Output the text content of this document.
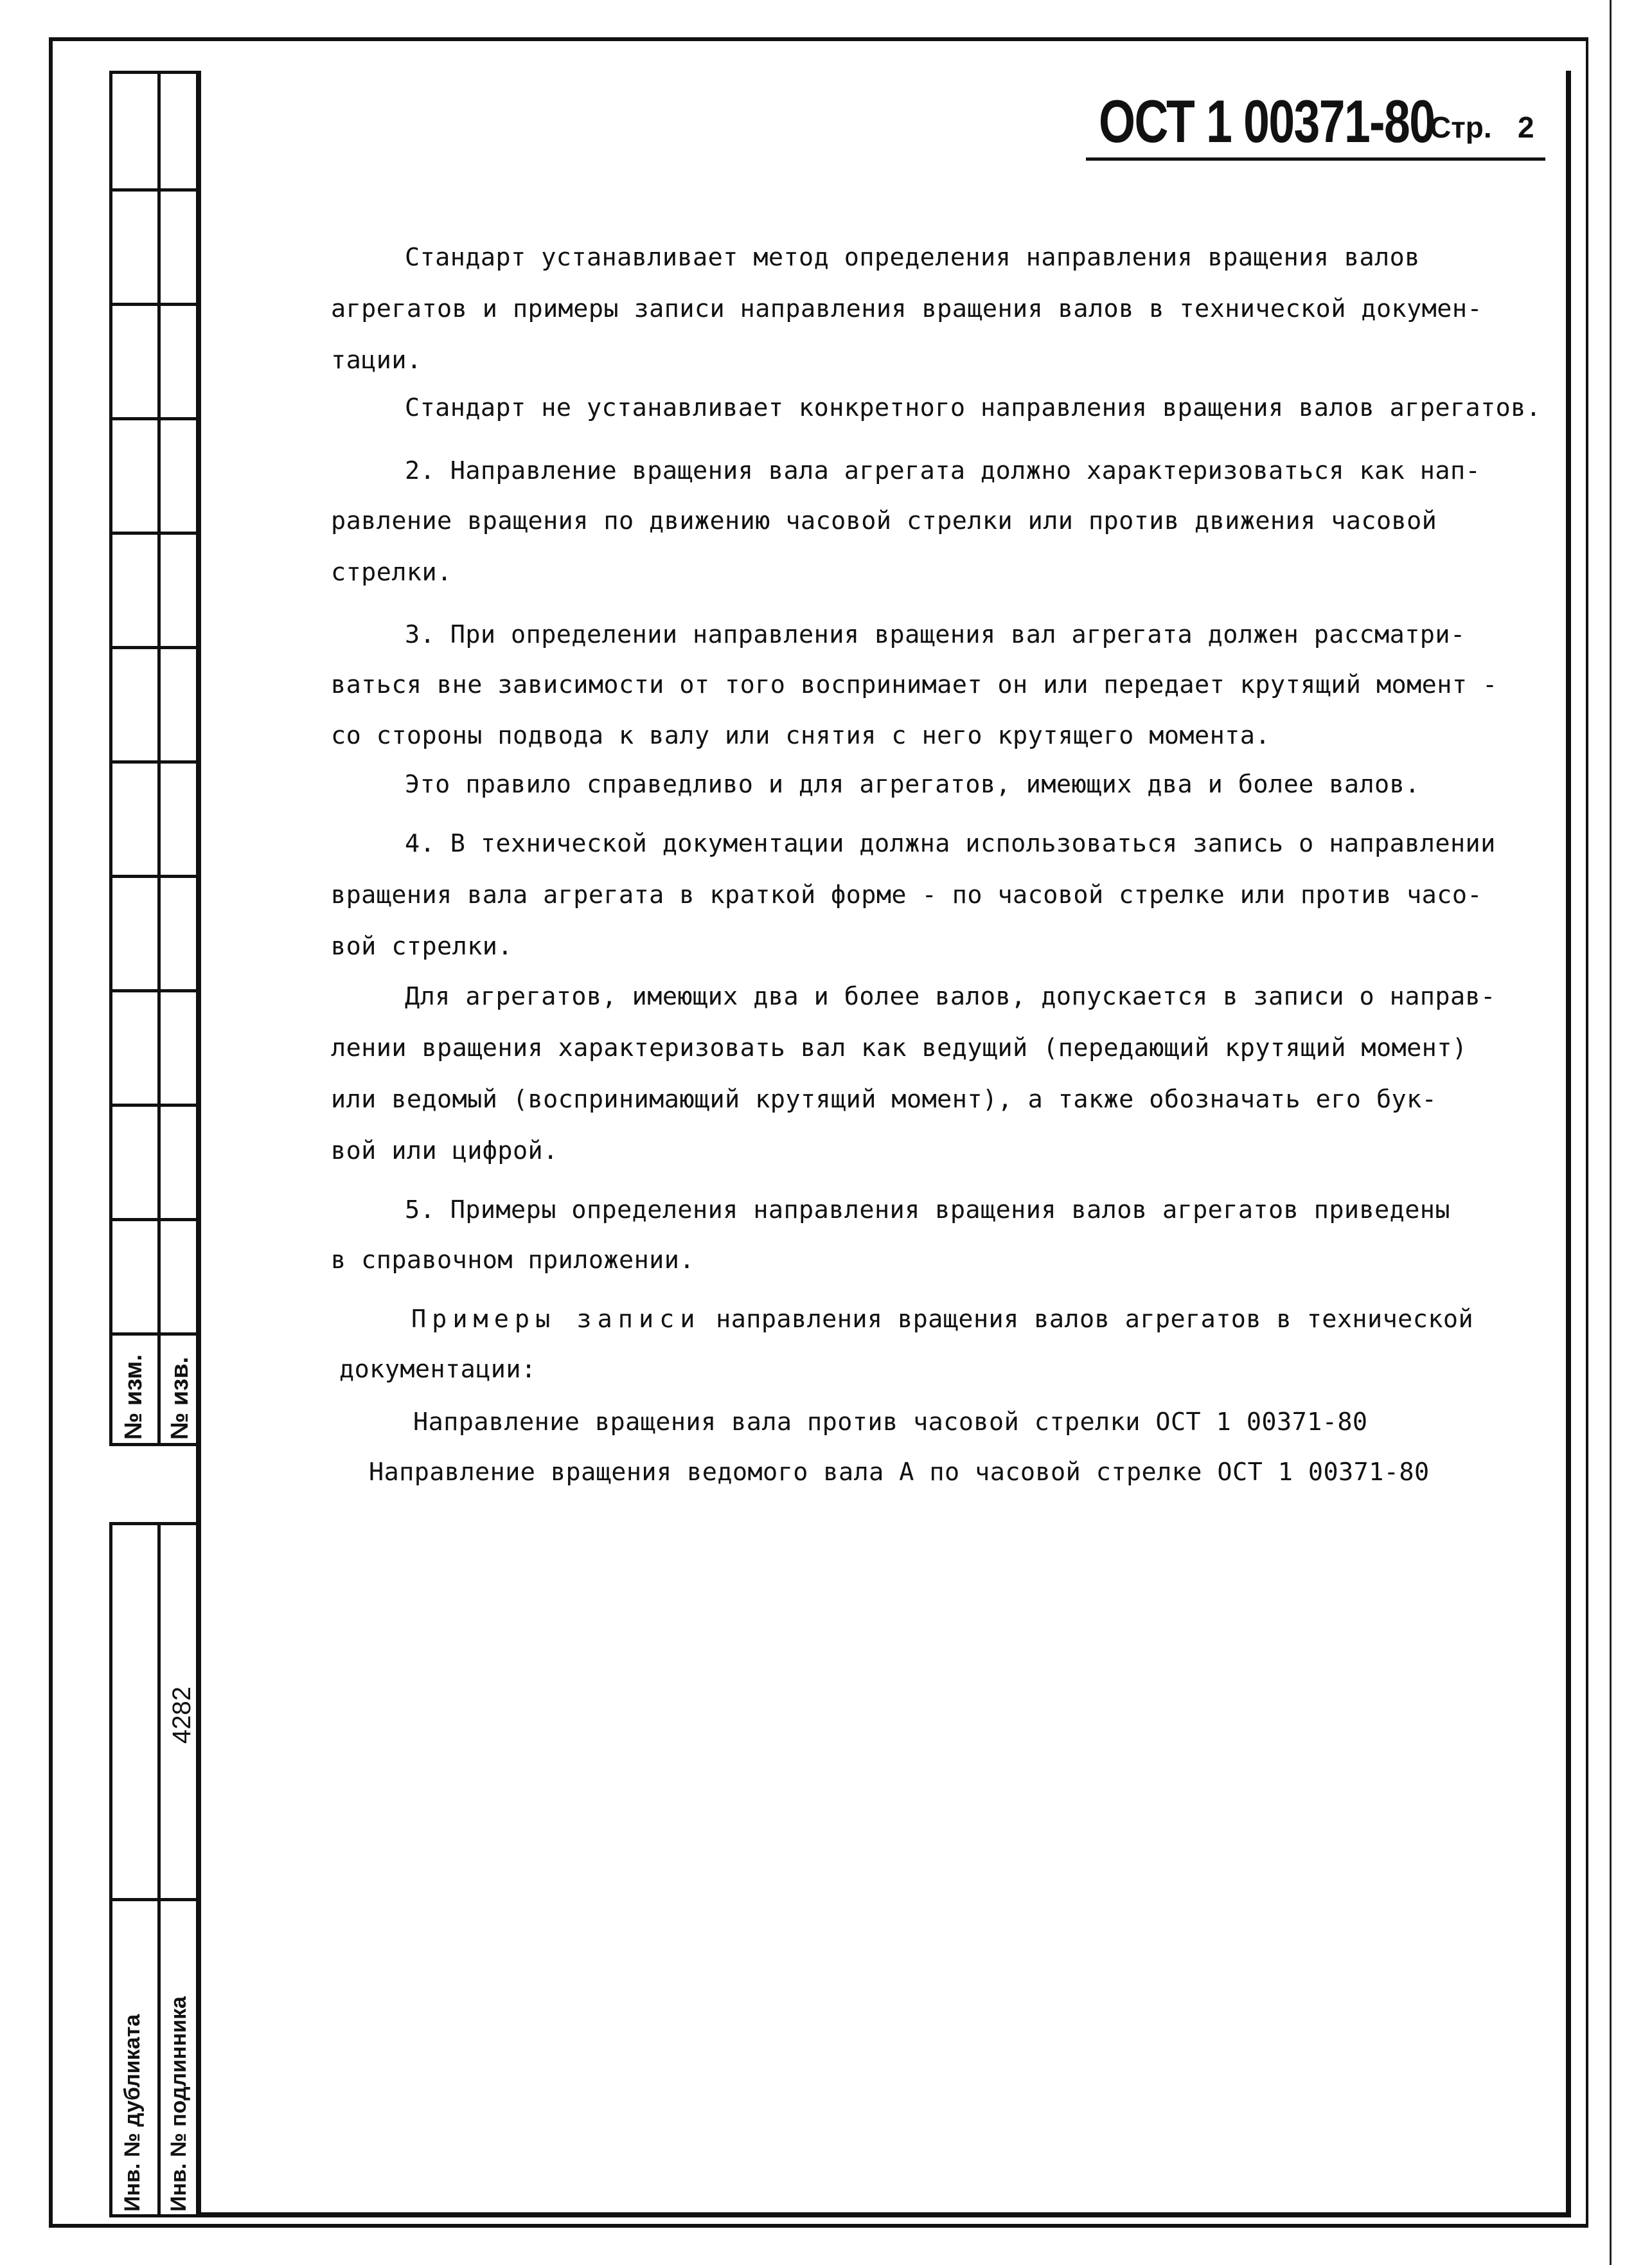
№ изм. № изв.
4282
Инв. № дубликата Инв. № подлинника
ОСТ 1 00371-80
Стр. 2
Стандарт устанавливает метод определения направления вращения валов
агрегатов и примеры записи направления вращения валов в технической докумен-
тации.
Стандарт не устанавливает конкретного направления вращения валов агрегатов.
2. Направление вращения вала агрегата должно характеризоваться как нап-
равление вращения по движению часовой стрелки или против движения часовой
стрелки.
3. При определении направления вращения вал агрегата должен рассматри-
ваться вне зависимости от того воспринимает он или передает крутящий момент -
со стороны подвода к валу или снятия с него крутящего момента.
Это правило справедливо и для агрегатов, имеющих два и более валов.
4. В технической документации должна использоваться запись о направлении
вращения вала агрегата в краткой форме - по часовой стрелке или против часо-
вой стрелки.
Для агрегатов, имеющих два и более валов, допускается в записи о направ-
лении вращения характеризовать вал как ведущий (передающий крутящий момент)
или ведомый (воспринимающий крутящий момент), а также обозначать его бук-
вой или цифрой.
5. Примеры определения направления вращения валов агрегатов приведены
в справочном приложении.
Примеры записи направления вращения валов агрегатов в технической
документации:
Направление вращения вала против часовой стрелки ОСТ 1 00371-80
Направление вращения ведомого вала А по часовой стрелке ОСТ 1 00371-80
